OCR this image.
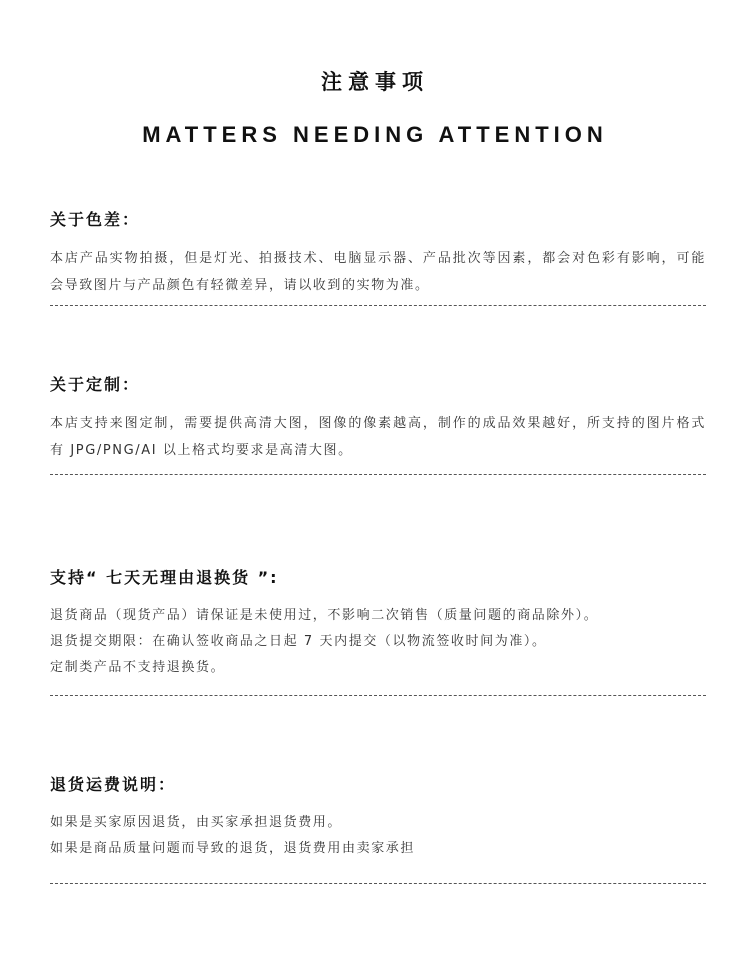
注意事项
MATTERS NEEDING ATTENTION
关于色差：

本店产品实物拍摄，但是灯光、拍摄技术、电脑显示器、产品批次等因素，都会对色彩有影响，可能会导致图片与产品颜色有轻微差异，请以收到的实物为准。

关于定制：

本店支持来图定制，需要提供高清大图，图像的像素越高，制作的成品效果越好，所支持的图片格式有 JPG/PNG/AI 以上格式均要求是高清大图。

支持“ 七天无理由退换货 ”:

退货商品（现货产品）请保证是未使用过，不影响二次销售（质量问题的商品除外）。

退货提交期限：在确认签收商品之日起 7 天内提交（以物流签收时间为准）。

定制类产品不支持退换货。

退货运费说明：

如果是买家原因退货，由买家承担退货费用。

如果是商品质量问题而导致的退货，退货费用由卖家承担
